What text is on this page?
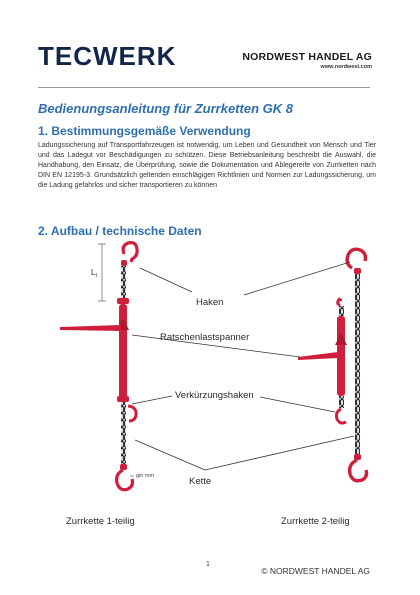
TECWERK	NORDWEST HANDEL AG
www.nordwest.com
Bedienungsanleitung für Zurrketten GK 8
1. Bestimmungsgemäße Verwendung
Ladungssicherung auf Transportfahrzeugen ist notwendig, um Leben und Gesundheit von Mensch und Tier und das Ladegut vor Beschädigungen zu schützen. Diese Betriebsanleitung beschreibt die Auswahl, die Handhabung, den Einsatz, die Überprüfung, sowie die Dokumentation und Ablegereife von Zurrketten nach DIN EN 12195-3. Grundsätzlich geltenden einschlägigen Richtlinien und Normen zur Ladungssicherung, um die Ladung gefahrlos und sicher transportieren zu können
2. Aufbau / technische Daten
Haken
Ratschenlastspanner
Verkürzungshaken
Kette
$L_f$
gin mm
Zurrkette 1-teilig	Zurrkette 2-teilig
1
© NORDWEST HANDEL AG
